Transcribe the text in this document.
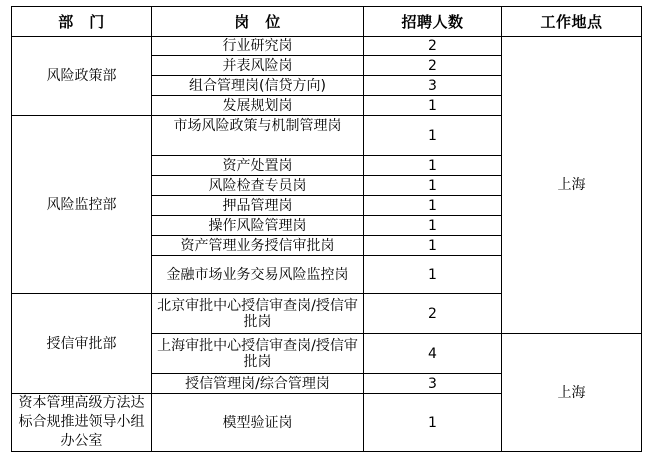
部　门	岗　位	招聘人数	工作地点	
风险政策部	行业研究岗	2	上海	
	并表风险岗	2		
	组合管理岗(信贷方向)	3		
	发展规划岗	1		
风险监控部	市场风险政策与机制管理岗	1		
	资产处置岗	1		
	风险检查专员岗	1		
	押品管理岗	1		
	操作风险管理岗	1		
	资产管理业务授信审批岗	1		
	金融市场业务交易风险监控岗	1		
授信审批部	北京审批中心授信审查岗/授信审批岗	2	
	上海审批中心授信审查岗/授信审批岗	4	上海	
	授信管理岗/综合管理岗	3		
资本管理高级方法达标合规推进领导小组办公室	模型验证岗	1		
